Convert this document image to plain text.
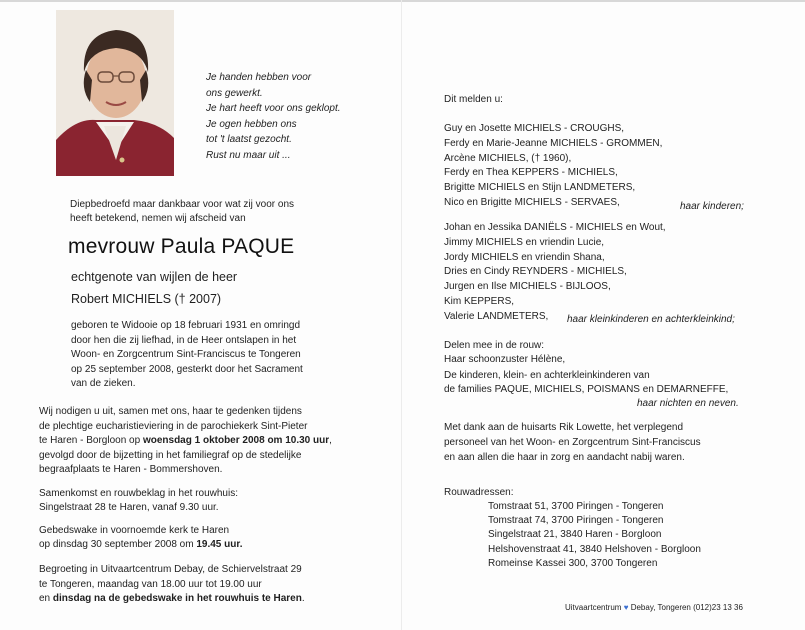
Je handen hebben voor
ons gewerkt.
Je hart heeft voor ons geklopt.
Je ogen hebben ons
tot 't laatst gezocht.
Rust nu maar uit ...
Diepbedroefd maar dankbaar voor wat zij voor ons
heeft betekend, nemen wij afscheid van
mevrouw Paula PAQUE
echtgenote van wijlen de heer
Robert MICHIELS († 2007)
geboren te Widooie op 18 februari 1931 en omringd
door hen die zij liefhad, in de Heer ontslapen in het
Woon- en Zorgcentrum Sint-Franciscus te Tongeren
op 25 september 2008, gesterkt door het Sacrament
van de zieken.
Wij nodigen u uit, samen met ons, haar te gedenken tijdens
de plechtige eucharistieviering in de parochiekerk Sint-Pieter
te Haren - Borgloon op woensdag 1 oktober 2008 om 10.30 uur,
gevolgd door de bijzetting in het familiegraf op de stedelijke
begraafplaats te Haren - Bommershoven.
Samenkomst en rouwbeklag in het rouwhuis:
Singelstraat 28 te Haren, vanaf 9.30 uur.
Gebedswake in voornoemde kerk te Haren
op dinsdag 30 september 2008 om 19.45 uur.
Begroeting in Uitvaartcentrum Debay, de Schiervelstraat 29
te Tongeren, maandag van 18.00 uur tot 19.00 uur
en dinsdag na de gebedswake in het rouwhuis te Haren.
Dit melden u:
Guy en Josette MICHIELS - CROUGHS,
Ferdy en Marie-Jeanne MICHIELS - GROMMEN,
Arcène MICHIELS, († 1960),
Ferdy en Thea KEPPERS - MICHIELS,
Brigitte MICHIELS en Stijn LANDMETERS,
Nico en Brigitte MICHIELS - SERVAES,	haar kinderen;
Johan en Jessika DANIËLS - MICHIELS en Wout,
Jimmy MICHIELS en vriendin Lucie,
Jordy MICHIELS en vriendin Shana,
Dries en Cindy REYNDERS - MICHIELS,
Jurgen en Ilse MICHIELS - BIJLOOS,
Kim KEPPERS,
Valerie LANDMETERS,	haar kleinkinderen en achterkleinkind;
Delen mee in de rouw:
Haar schoonzuster Hélène,
De kinderen, klein- en achterkleinkinderen van
de families PAQUE, MICHIELS, POISMANS en DEMARNEFFE,
haar nichten en neven.
Met dank aan de huisarts Rik Lowette, het verplegend
personeel van het Woon- en Zorgcentrum Sint-Franciscus
en aan allen die haar in zorg en aandacht nabij waren.
Rouwadressen:
Tomstraat 51, 3700 Piringen - Tongeren
Tomstraat 74, 3700 Piringen - Tongeren
Singelstraat 21, 3840 Haren - Borgloon
Helshovenstraat 41, 3840 Helshoven - Borgloon
Romeinse Kassei 300, 3700 Tongeren
Uitvaartcentrum ♥ Debay, Tongeren (012)23 13 36
